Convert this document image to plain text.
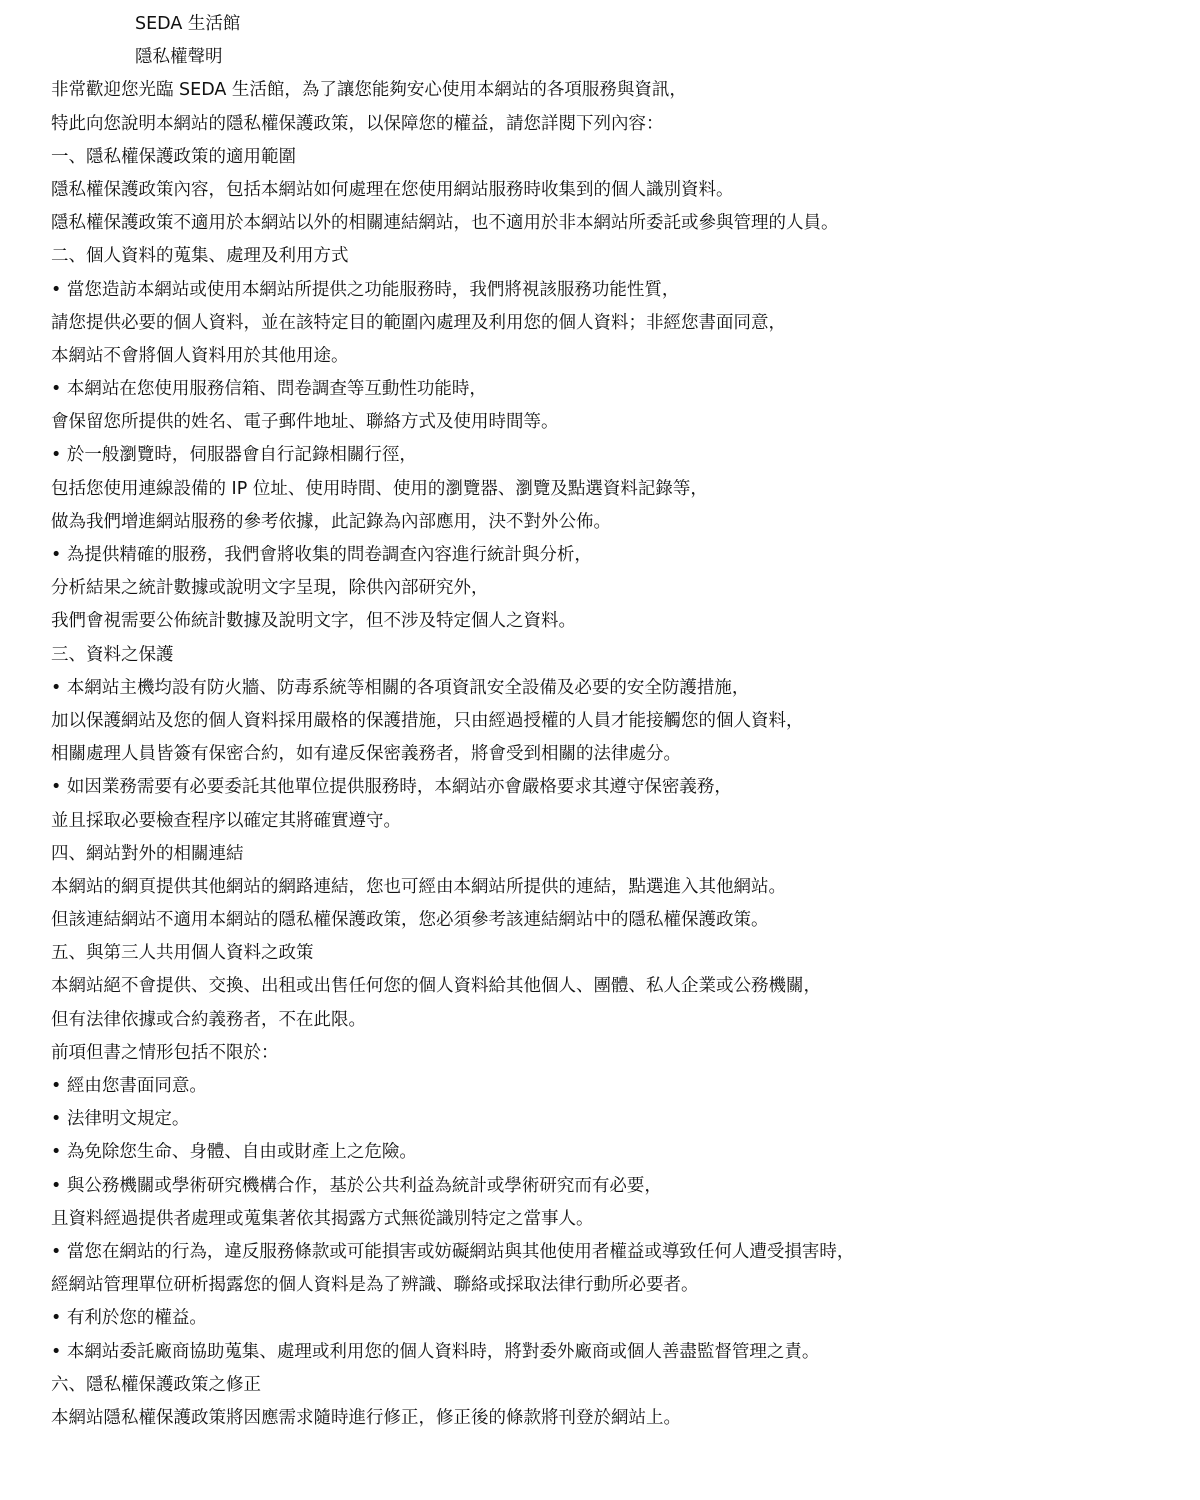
SEDA 生活館
隱私權聲明
非常歡迎您光臨 SEDA 生活館，為了讓您能夠安心使用本網站的各項服務與資訊，
特此向您說明本網站的隱私權保護政策，以保障您的權益，請您詳閱下列內容：
一、隱私權保護政策的適用範圍
隱私權保護政策內容，包括本網站如何處理在您使用網站服務時收集到的個人識別資料。
隱私權保護政策不適用於本網站以外的相關連結網站，也不適用於非本網站所委託或參與管理的人員。
二、個人資料的蒐集、處理及利用方式
• 當您造訪本網站或使用本網站所提供之功能服務時，我們將視該服務功能性質，
請您提供必要的個人資料，並在該特定目的範圍內處理及利用您的個人資料；非經您書面同意，
本網站不會將個人資料用於其他用途。
• 本網站在您使用服務信箱、問卷調查等互動性功能時，
會保留您所提供的姓名、電子郵件地址、聯絡方式及使用時間等。
• 於一般瀏覽時，伺服器會自行記錄相關行徑，
包括您使用連線設備的 IP 位址、使用時間、使用的瀏覽器、瀏覽及點選資料記錄等，
做為我們增進網站服務的參考依據，此記錄為內部應用，決不對外公佈。
• 為提供精確的服務，我們會將收集的問卷調查內容進行統計與分析，
分析結果之統計數據或說明文字呈現，除供內部研究外，
我們會視需要公佈統計數據及說明文字，但不涉及特定個人之資料。
三、資料之保護
• 本網站主機均設有防火牆、防毒系統等相關的各項資訊安全設備及必要的安全防護措施，
加以保護網站及您的個人資料採用嚴格的保護措施，只由經過授權的人員才能接觸您的個人資料，
相關處理人員皆簽有保密合約，如有違反保密義務者，將會受到相關的法律處分。
• 如因業務需要有必要委託其他單位提供服務時，本網站亦會嚴格要求其遵守保密義務，
並且採取必要檢查程序以確定其將確實遵守。
四、網站對外的相關連結
本網站的網頁提供其他網站的網路連結，您也可經由本網站所提供的連結，點選進入其他網站。
但該連結網站不適用本網站的隱私權保護政策，您必須參考該連結網站中的隱私權保護政策。
五、與第三人共用個人資料之政策
本網站絕不會提供、交換、出租或出售任何您的個人資料給其他個人、團體、私人企業或公務機關，
但有法律依據或合約義務者，不在此限。
前項但書之情形包括不限於：
• 經由您書面同意。
• 法律明文規定。
• 為免除您生命、身體、自由或財產上之危險。
• 與公務機關或學術研究機構合作，基於公共利益為統計或學術研究而有必要，
且資料經過提供者處理或蒐集著依其揭露方式無從識別特定之當事人。
• 當您在網站的行為，違反服務條款或可能損害或妨礙網站與其他使用者權益或導致任何人遭受損害時，
經網站管理單位研析揭露您的個人資料是為了辨識、聯絡或採取法律行動所必要者。
• 有利於您的權益。
• 本網站委託廠商協助蒐集、處理或利用您的個人資料時，將對委外廠商或個人善盡監督管理之責。
六、隱私權保護政策之修正
本網站隱私權保護政策將因應需求隨時進行修正，修正後的條款將刊登於網站上。
